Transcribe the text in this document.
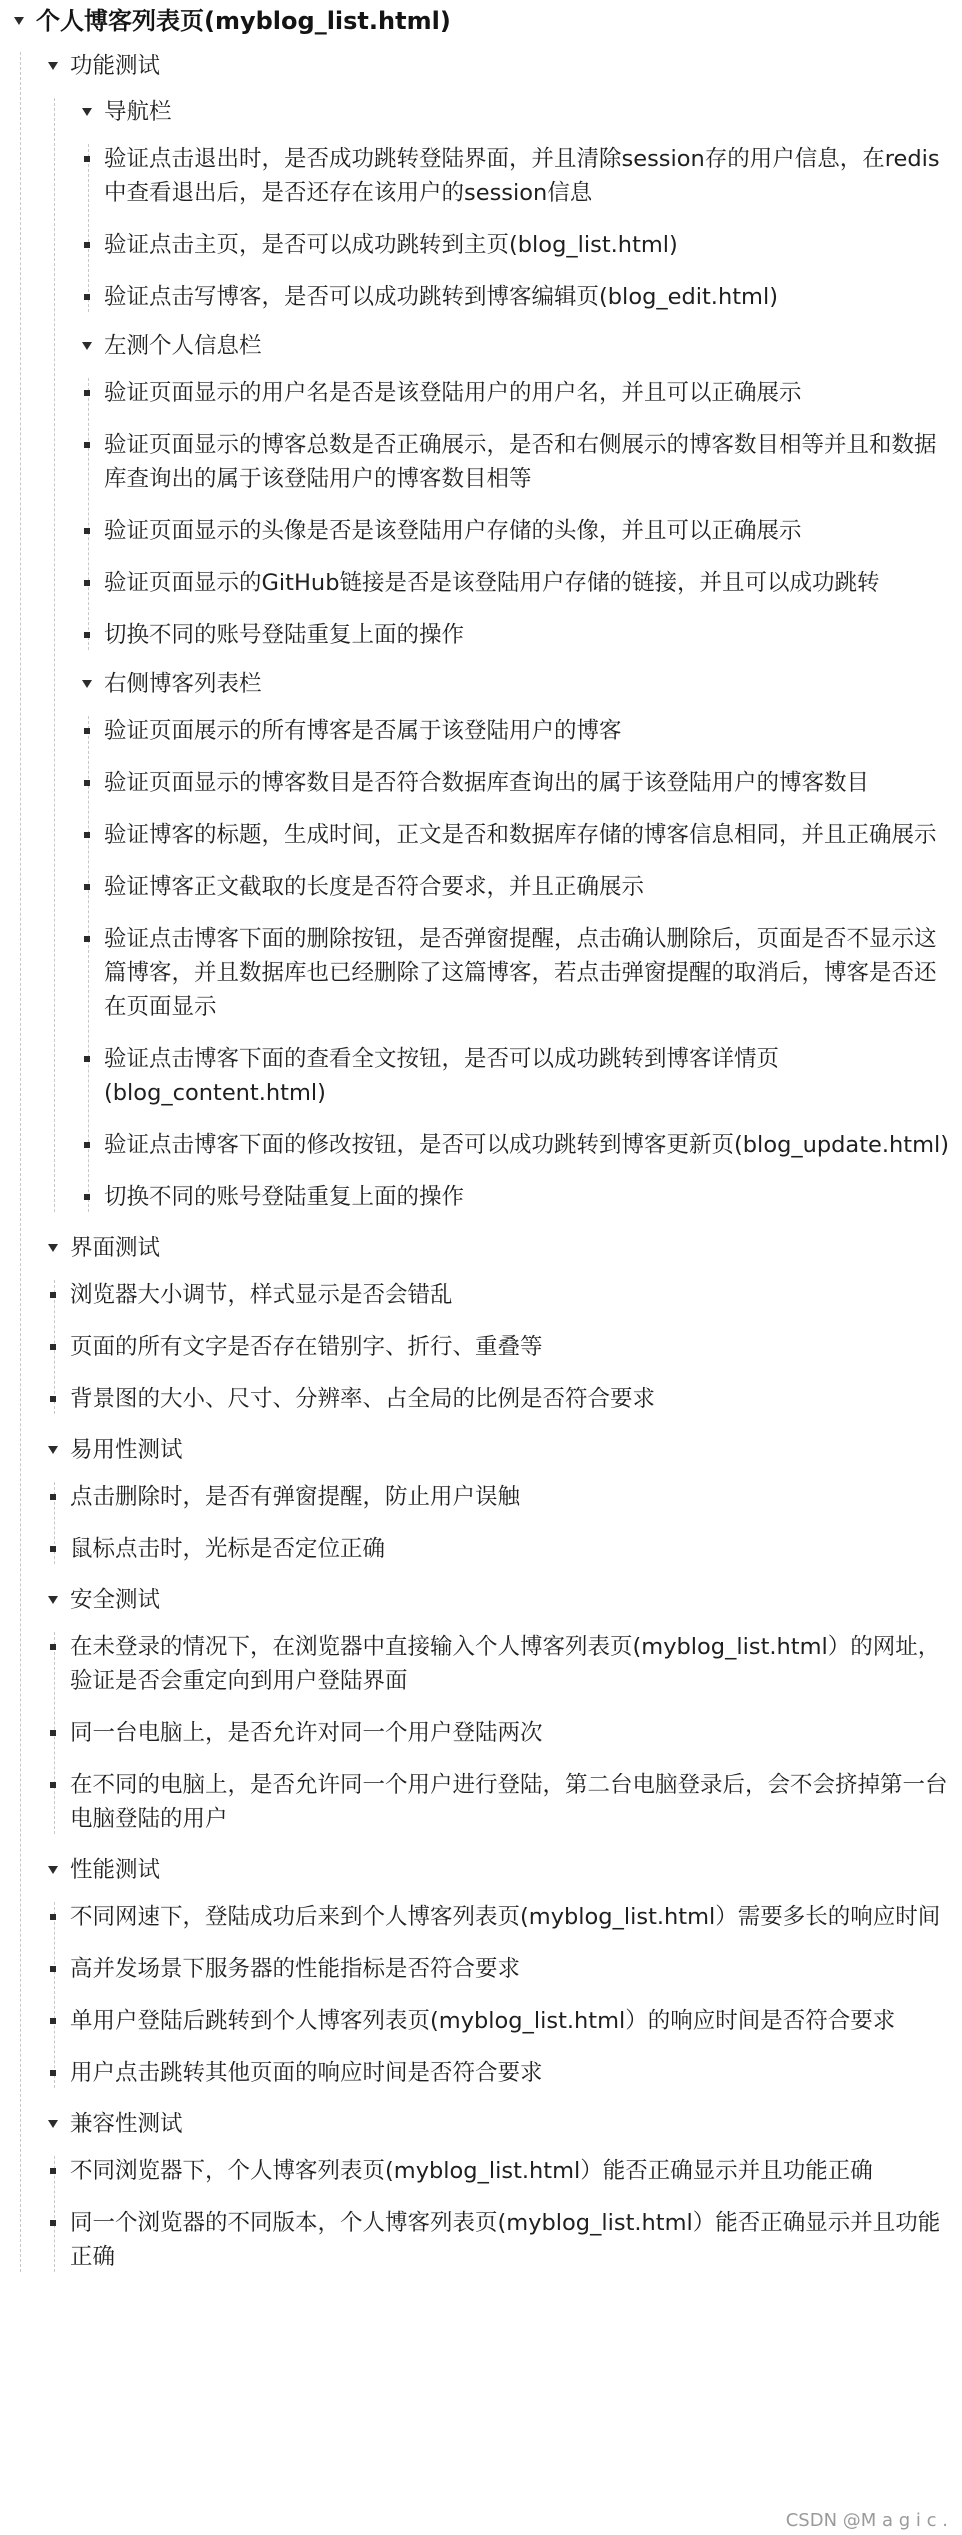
个人博客列表页(myblog_list.html)
功能测试
导航栏
验证点击退出时，是否成功跳转登陆界面，并且清除session存的用户信息，在redis中查看退出后，是否还存在该用户的session信息
验证点击主页，是否可以成功跳转到主页(blog_list.html)
验证点击写博客，是否可以成功跳转到博客编辑页(blog_edit.html)
左测个人信息栏
验证页面显示的用户名是否是该登陆用户的用户名，并且可以正确展示
验证页面显示的博客总数是否正确展示，是否和右侧展示的博客数目相等并且和数据库查询出的属于该登陆用户的博客数目相等
验证页面显示的头像是否是该登陆用户存储的头像，并且可以正确展示
验证页面显示的GitHub链接是否是该登陆用户存储的链接，并且可以成功跳转
切换不同的账号登陆重复上面的操作
右侧博客列表栏
验证页面展示的所有博客是否属于该登陆用户的博客
验证页面显示的博客数目是否符合数据库查询出的属于该登陆用户的博客数目
验证博客的标题，生成时间，正文是否和数据库存储的博客信息相同，并且正确展示
验证博客正文截取的长度是否符合要求，并且正确展示
验证点击博客下面的删除按钮，是否弹窗提醒，点击确认删除后，页面是否不显示这篇博客，并且数据库也已经删除了这篇博客，若点击弹窗提醒的取消后，博客是否还在页面显示
验证点击博客下面的查看全文按钮，是否可以成功跳转到博客详情页(blog_content.html)
验证点击博客下面的修改按钮，是否可以成功跳转到博客更新页(blog_update.html)
切换不同的账号登陆重复上面的操作
界面测试
浏览器大小调节，样式显示是否会错乱
页面的所有文字是否存在错别字、折行、重叠等
背景图的大小、尺寸、分辨率、占全局的比例是否符合要求
易用性测试
点击删除时，是否有弹窗提醒，防止用户误触
鼠标点击时，光标是否定位正确
安全测试
在未登录的情况下，在浏览器中直接输入个人博客列表页(myblog_list.html）的网址，验证是否会重定向到用户登陆界面
同一台电脑上，是否允许对同一个用户登陆两次
在不同的电脑上，是否允许同一个用户进行登陆，第二台电脑登录后，会不会挤掉第一台电脑登陆的用户
性能测试
不同网速下，登陆成功后来到个人博客列表页(myblog_list.html）需要多长的响应时间
高并发场景下服务器的性能指标是否符合要求
单用户登陆后跳转到个人博客列表页(myblog_list.html）的响应时间是否符合要求
用户点击跳转其他页面的响应时间是否符合要求
兼容性测试
不同浏览器下，个人博客列表页(myblog_list.html）能否正确显示并且功能正确
同一个浏览器的不同版本，个人博客列表页(myblog_list.html）能否正确显示并且功能正确
CSDN @M a g i c .
